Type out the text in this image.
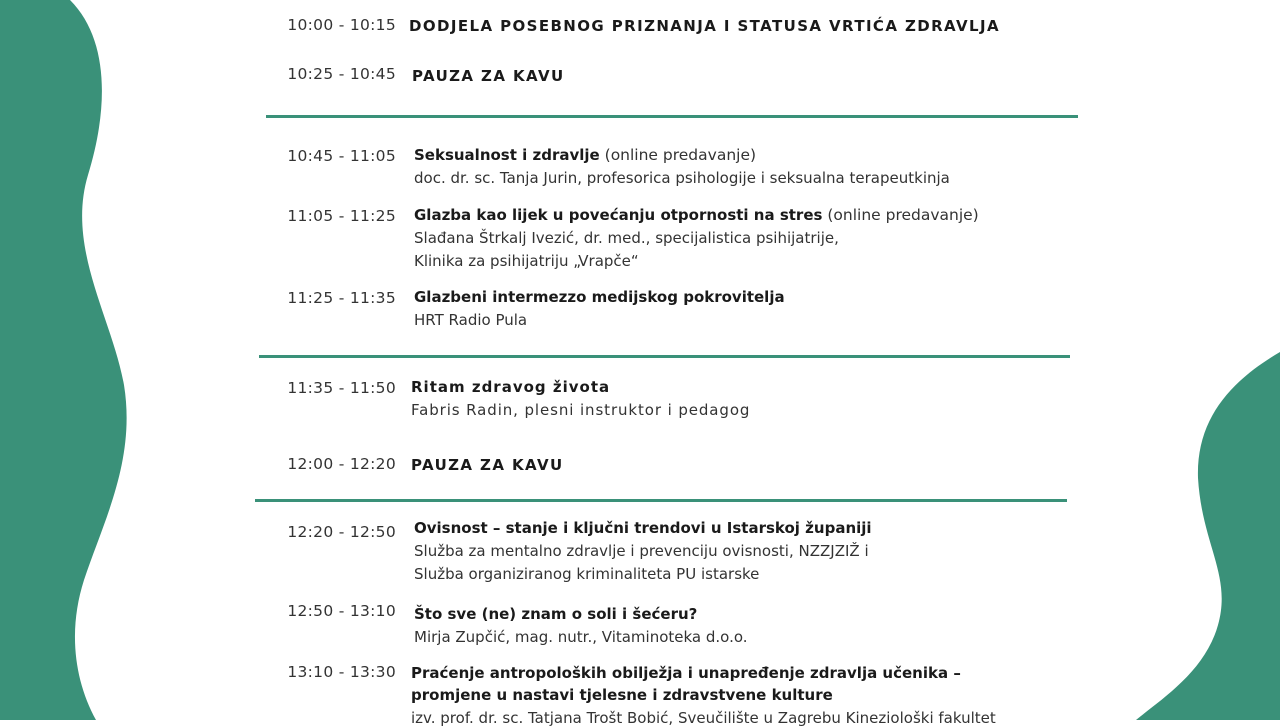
10:00 - 10:15 DODJELA POSEBNOG PRIZNANJA I STATUSA VRTIĆA ZDRAVLJA
10:25 - 10:45 PAUZA ZA KAVU
10:45 - 11:05 Seksualnost i zdravlje (online predavanje)
doc. dr. sc. Tanja Jurin, profesorica psihologije i seksualna terapeutkinja
11:05 - 11:25 Glazba kao lijek u povećanju otpornosti na stres (online predavanje)
Slađana Štrkalj Ivezić, dr. med., specijalistica psihijatrije,
Klinika za psihijatriju „Vrapče“
11:25 - 11:35 Glazbeni intermezzo medijskog pokrovitelja
HRT Radio Pula
11:35 - 11:50 Ritam zdravog života
Fabris Radin, plesni instruktor i pedagog
12:00 - 12:20 PAUZA ZA KAVU
12:20 - 12:50 Ovisnost – stanje i ključni trendovi u Istarskoj županiji
Služba za mentalno zdravlje i prevenciju ovisnosti, NZZJZIŽ i
Služba organiziranog kriminaliteta PU istarske
12:50 - 13:10 Što sve (ne) znam o soli i šećeru?
Mirja Zupčić, mag. nutr., Vitaminoteka d.o.o.
13:10 - 13:30 Praćenje antropoloških obilježja i unapređenje zdravlja učenika –
promjene u nastavi tjelesne i zdravstvene kulture
izv. prof. dr. sc. Tatjana Trošt Bobić, Sveučilište u Zagrebu Kineziološki fakultet
